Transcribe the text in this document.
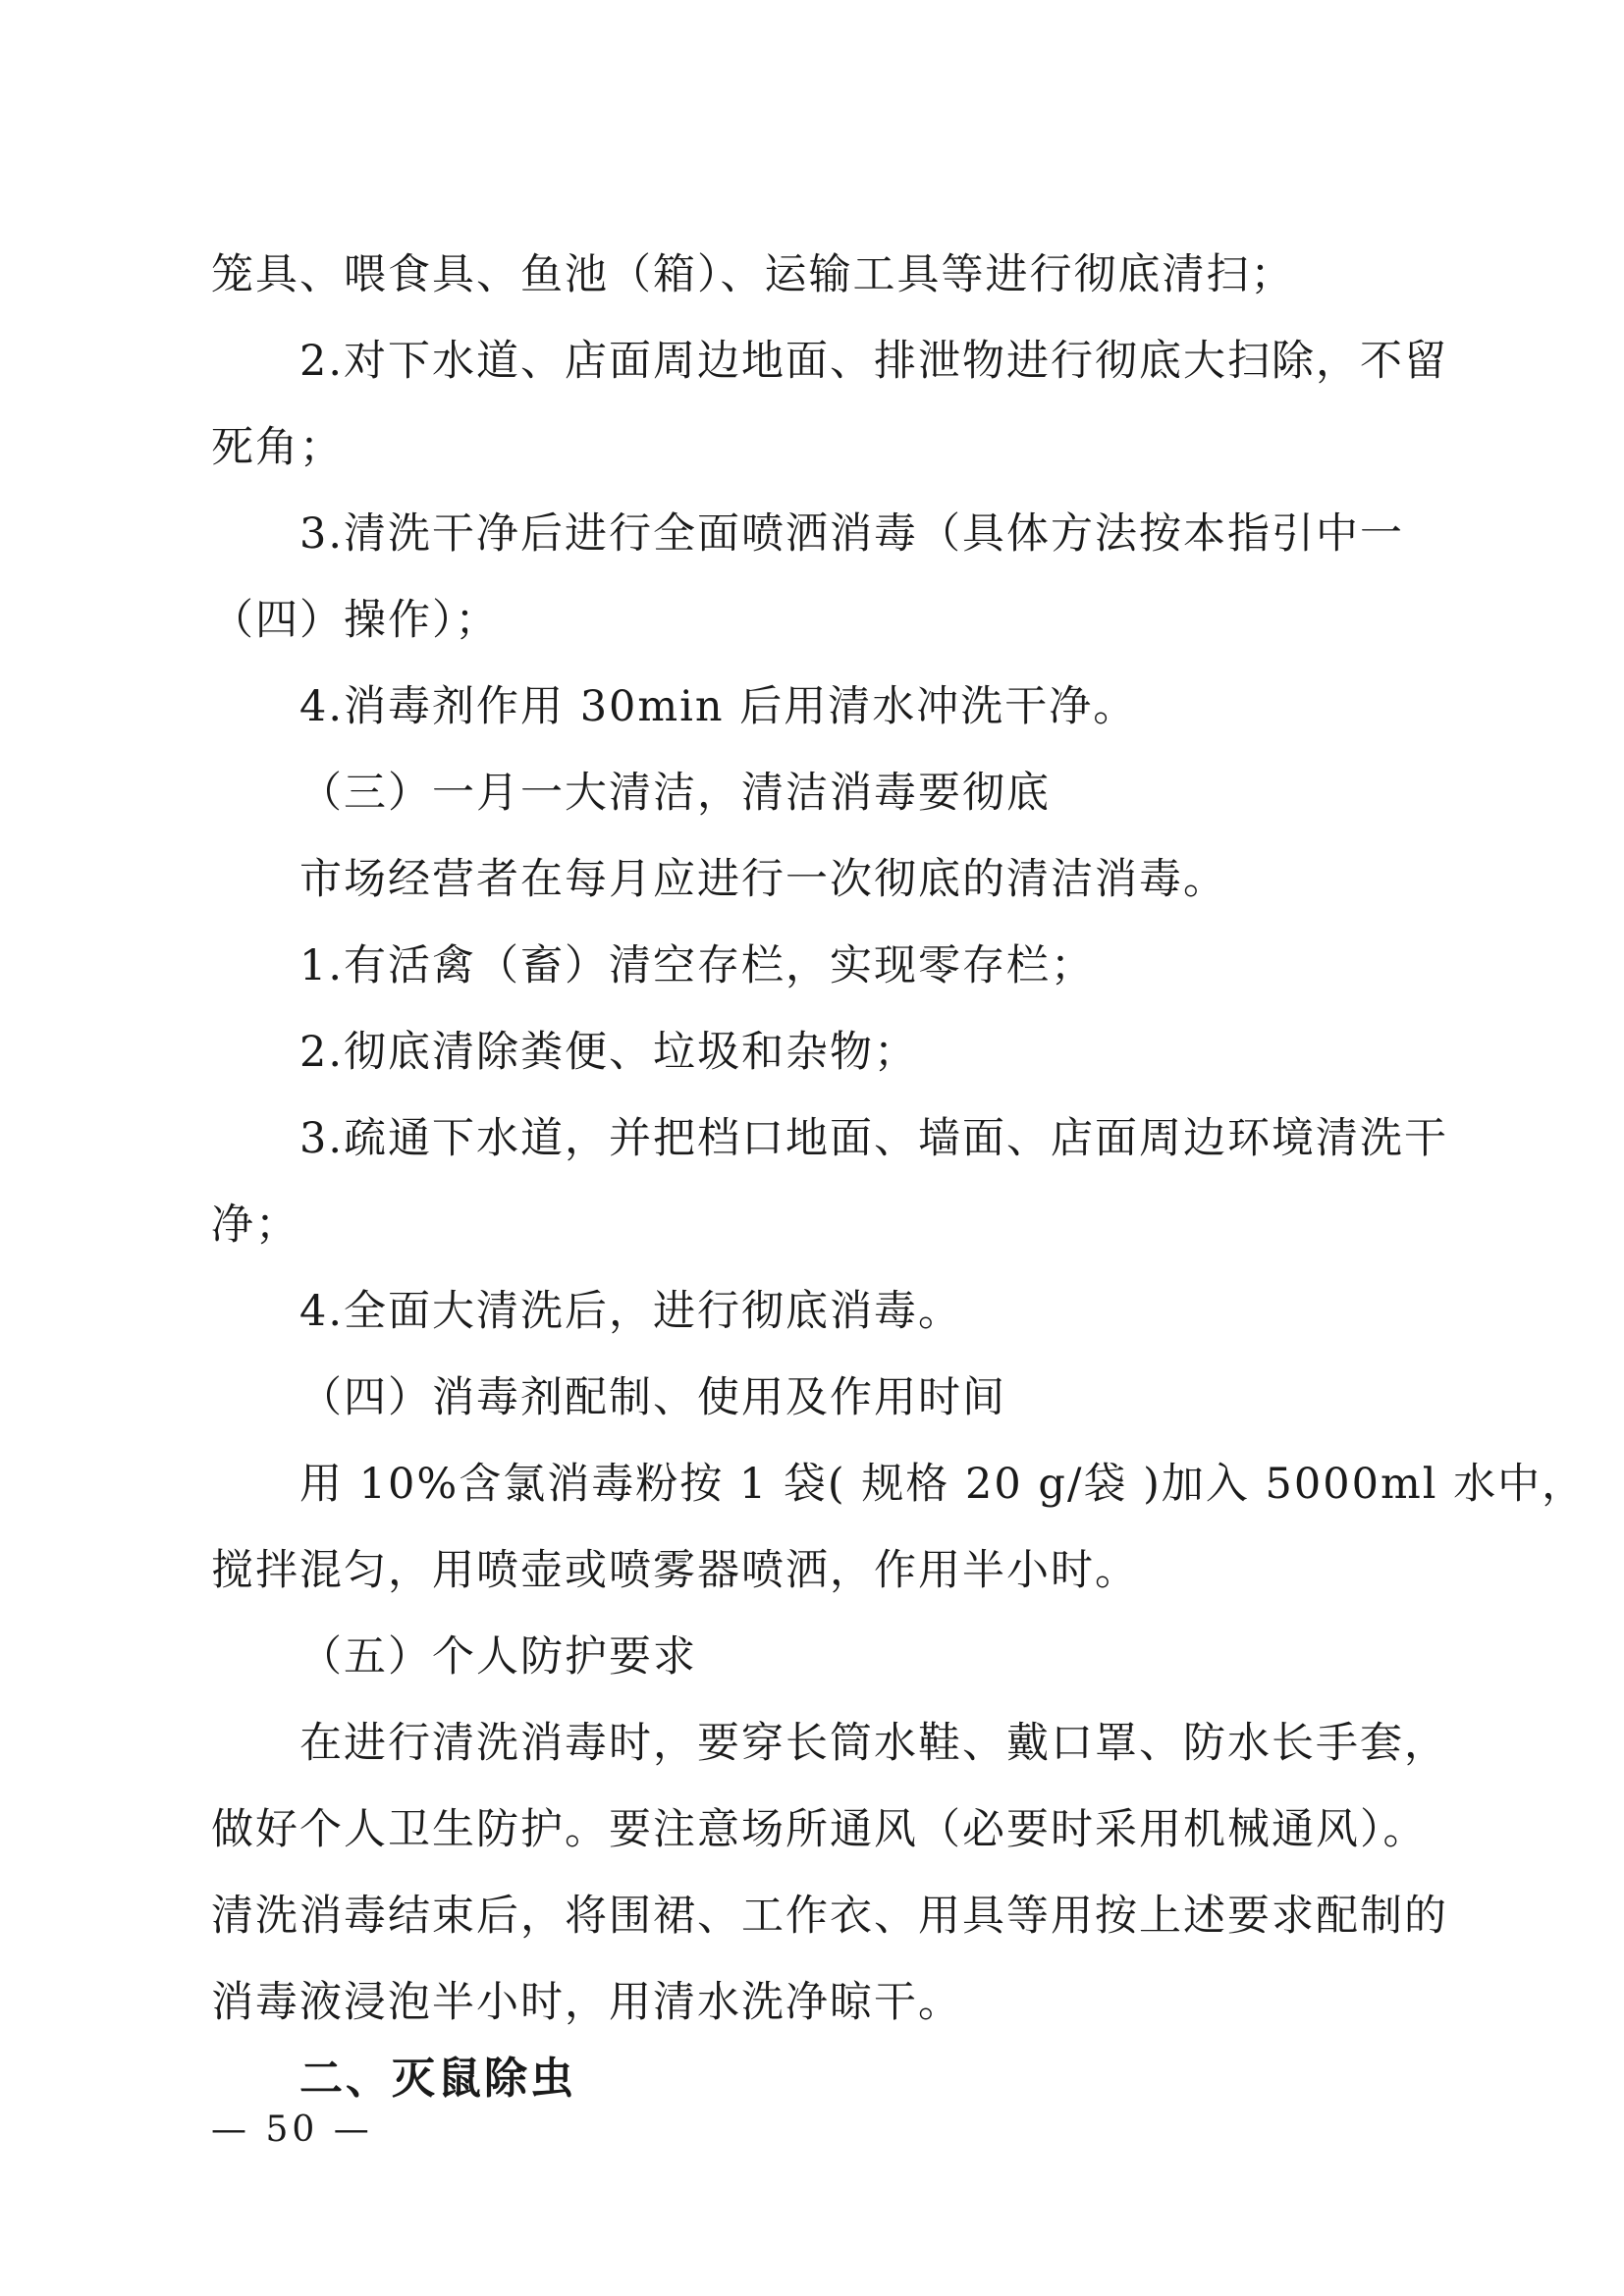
笼具、喂食具、鱼池（箱）、运输工具等进行彻底清扫；
2.对下水道、店面周边地面、排泄物进行彻底大扫除，不留
死角；
3.清洗干净后进行全面喷洒消毒（具体方法按本指引中一
（四）操作）；
4.消毒剂作用 30min 后用清水冲洗干净。
（三）一月一大清洁，清洁消毒要彻底
市场经营者在每月应进行一次彻底的清洁消毒。
1.有活禽（畜）清空存栏，实现零存栏；
2.彻底清除粪便、垃圾和杂物；
3.疏通下水道，并把档口地面、墙面、店面周边环境清洗干
净；
4.全面大清洗后，进行彻底消毒。
（四）消毒剂配制、使用及作用时间
用 10%含氯消毒粉按 1 袋( 规格 20 g/袋 )加入 5000ml 水中，
搅拌混匀，用喷壶或喷雾器喷洒，作用半小时。
（五）个人防护要求
在进行清洗消毒时，要穿长筒水鞋、戴口罩、防水长手套，
做好个人卫生防护。要注意场所通风（必要时采用机械通风）。
清洗消毒结束后，将围裙、工作衣、用具等用按上述要求配制的
消毒液浸泡半小时，用清水洗净晾干。
二、灭鼠除虫
— 50 —
